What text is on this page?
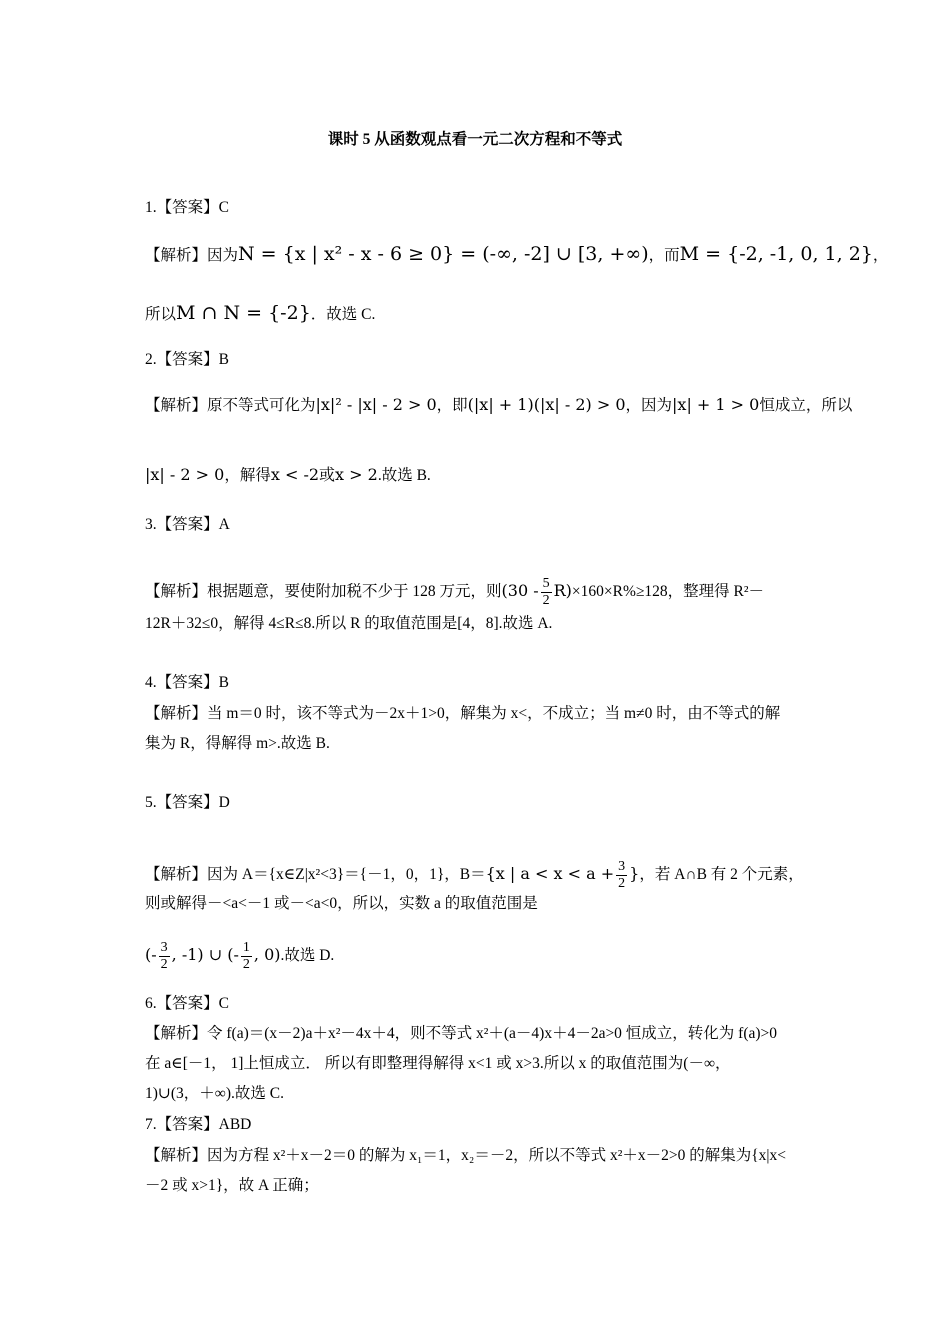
课时 5 从函数观点看一元二次方程和不等式
1.【答案】C
【解析】因为N = {x | x² - x - 6 ≥ 0} = (-∞, -2] ∪ [3, +∞)，而M = {-2, -1, 0, 1, 2}，
所以M ∩ N = {-2}．故选 C.
2.【答案】B
【解析】原不等式可化为|x|² - |x| - 2 > 0，即(|x| + 1)(|x| - 2) > 0，因为|x| + 1 > 0恒成立，所以
|x| - 2 > 0，解得x < -2或x > 2.故选 B.
3.【答案】A
【解析】根据题意，要使附加税不少于 128 万元，则$(30 - \frac{5}{2} R)\times 160\times R\%\ge 128$，整理得 R²－
12R＋32≤0，解得 4≤R≤8.所以 R 的取值范围是[4，8].故选 A.
4.【答案】B
【解析】当 m＝0 时，该不等式为－2x＋1>0，解集为 x<，不成立；当 m≠0 时，由不等式的解
集为 R，得解得 m>.故选 B.
5.【答案】D
【解析】因为 A＝{x∈Z|x²<3}＝{－1，0，1}，B＝{x | $a < x < a + \frac{3}{2}$ }，若 A∩B 有 2 个元素，
则或解得－<a<－1 或－<a<0，所以，实数 a 的取值范围是
(- $\frac{3}{2}$ , -1) ∪ (- $\frac{1}{2}$ , 0).故选 D.
6.【答案】C
【解析】令 f(a)＝(x－2)a＋x²－4x＋4，则不等式 x²＋(a－4)x＋4－2a>0 恒成立，转化为 f(a)>0
在 a∈[－1， 1]上恒成立． 所以有即整理得解得 x<1 或 x>3.所以 x 的取值范围为(－∞，
1)∪(3，＋∞).故选 C.
7.【答案】ABD
【解析】因为方程 x²＋x－2＝0 的解为 x₁＝1，x₂＝－2，所以不等式 x²＋x－2>0 的解集为{x|x<
－2 或 x>1}，故 A 正确；
